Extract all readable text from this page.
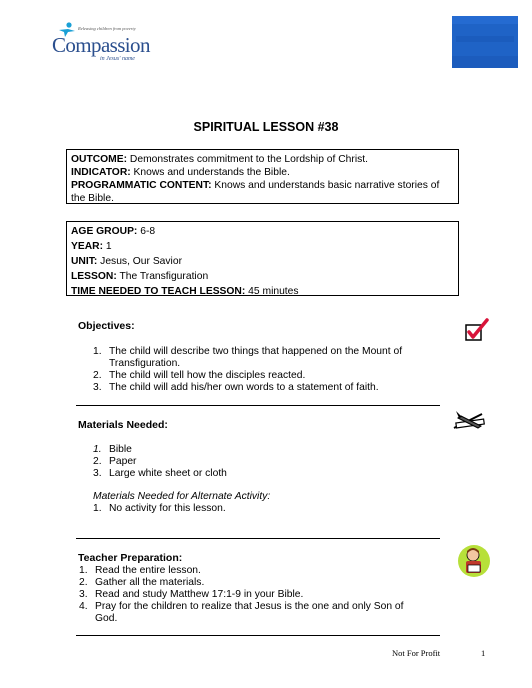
Releasing children from poverty
Compassion
in Jesus' name
SPIRITUAL LESSON #38
OUTCOME: Demonstrates commitment to the Lordship of Christ.
INDICATOR: Knows and understands the Bible.
PROGRAMMATIC CONTENT: Knows and understands basic narrative stories of
the Bible.
AGE GROUP: 6-8
YEAR: 1
UNIT: Jesus, Our Savior
LESSON: The Transfiguration
TIME NEEDED TO TEACH LESSON: 45 minutes
Objectives:
1. The child will describe two things that happened on the Mount of
Transfiguration.
2. The child will tell how the disciples reacted.
3. The child will add his/her own words to a statement of faith.
Materials Needed:
1. Bible
2. Paper
3. Large white sheet or cloth
Materials Needed for Alternate Activity:
1. No activity for this lesson.
Teacher Preparation:
1. Read the entire lesson.
2. Gather all the materials.
3. Read and study Matthew 17:1-9 in your Bible.
4. Pray for the children to realize that Jesus is the one and only Son of
God.
Not For Profit	1
